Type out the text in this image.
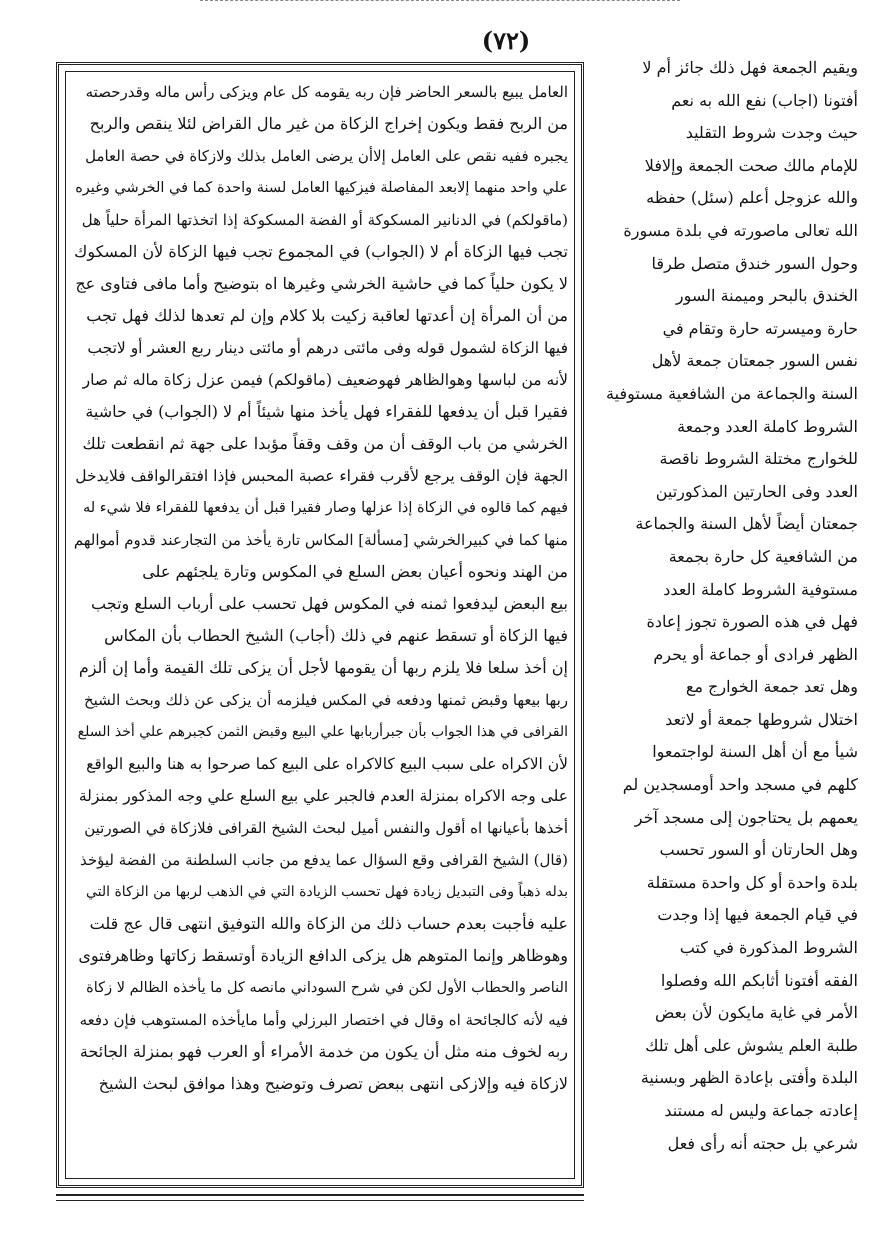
(٧٢)
العامل يبيع بالسعر الحاضر فإن ربه يقومه كل عام ويزكى رأس ماله وقدرحصته
من الربح فقط ويكون إخراج الزكاة من غير مال القراض لئلا ينقص والربح
يجبره ففيه نقص على العامل إلاأن يرضى العامل بذلك ولازكاة في حصة العامل
علي واحد منهما إلابعد المفاصلة فيزكيها العامل لسنة واحدة كما في الخرشي وغيره
(ماقولكم) في الدنانير المسكوكة أو الفضة المسكوكة إذا اتخذتها المرأة حلياً هل
تجب فيها الزكاة أم لا (الجواب) في المجموع تجب فيها الزكاة لأن المسكوك
لا يكون حلياً كما في حاشية الخرشي وغيرها اه بتوضيح وأما مافى فتاوى عج
من أن المرأة إن أعدتها لعاقبة زكيت بلا كلام وإن لم تعدها لذلك فهل تجب
فيها الزكاة لشمول قوله وفى مائتى درهم أو مائتى دينار ربع العشر أو لاتجب
لأنه من لباسها وهوالظاهر فهوضعيف (ماقولكم) فيمن عزل زكاة ماله ثم صار
فقيرا قبل أن يدفعها للفقراء فهل يأخذ منها شيئاً أم لا (الجواب) في حاشية
الخرشي من باب الوقف أن من وقف وقفاً مؤبدا على جهة ثم انقطعت تلك
الجهة فإن الوقف يرجع لأقرب فقراء عصبة المحبس فإذا افتقرالواقف فلايدخل
فيهم كما قالوه في الزكاة إذا عزلها وصار فقيرا قبل أن يدفعها للفقراء فلا شيء له
منها كما في كبيرالخرشي [مسألة] المكاس تارة يأخذ من التجارعند قدوم أموالهم
من الهند ونحوه أعيان بعض السلع في المكوس وتارة يلجئهم على
بيع البعض ليدفعوا ثمنه في المكوس فهل تحسب على أرباب السلع وتجب
فيها الزكاة أو تسقط عنهم في ذلك (أجاب) الشيخ الحطاب بأن المكاس
إن أخذ سلعا فلا يلزم ربها أن يقومها لأجل أن يزكى تلك القيمة وأما إن ألزم
ربها بيعها وقبض ثمنها ودفعه في المكس فيلزمه أن يزكى عن ذلك وبحث الشيخ
القرافى في هذا الجواب بأن جبرأربابها علي البيع وقبض الثمن كجبرهم علي أخذ السلع
لأن الاكراه على سبب البيع كالاكراه على البيع كما صرحوا به هنا والبيع الواقع
على وجه الاكراه بمنزلة العدم فالجبر علي بيع السلع علي وجه المذكور بمنزلة
أخذها بأعيانها اه أقول والنفس أميل لبحث الشيخ القرافى فلازكاة في الصورتين
(قال) الشيخ القرافى وقع السؤال عما يدفع من جانب السلطنة من الفضة ليؤخذ
بدله ذهباً وفى التبديل زيادة فهل تحسب الزيادة التي في الذهب لربها من الزكاة التي
عليه فأجبت بعدم حساب ذلك من الزكاة والله التوفيق انتهى قال عج قلت
وهوظاهر وإنما المتوهم هل يزكى الدافع الزيادة أوتسقط زكاتها وظاهرفتوى
الناصر والحطاب الأول لكن في شرح السوداني مانصه كل ما يأخذه الظالم لا زكاة
فيه لأنه كالجائحة اه وقال في اختصار البرزلي وأما مايأخذه المستوهب فإن دفعه
ربه لخوف منه مثل أن يكون من خدمة الأمراء أو العرب فهو بمنزلة الجائحة
لازكاة فيه وإلازكى انتهى ببعض تصرف وتوضيح وهذا موافق لبحث الشيخ
ويقيم الجمعة فهل ذلك جائز أم لا
أفتونا (اجاب) نفع الله به نعم
حيث وجدت شروط التقليد
للإمام مالك صحت الجمعة وإلافلا
والله عزوجل أعلم (سئل) حفظه
الله تعالى ماصورته في بلدة مسورة
وحول السور خندق متصل طرقا
الخندق بالبحر وميمنة السور
حارة وميسرته حارة وتقام في
نفس السور جمعتان جمعة لأهل
السنة والجماعة من الشافعية مستوفية
الشروط كاملة العدد وجمعة
للخوارج مختلة الشروط ناقصة
العدد وفى الحارتين المذكورتين
جمعتان أيضاً لأهل السنة والجماعة
من الشافعية كل حارة بجمعة
مستوفية الشروط كاملة العدد
فهل في هذه الصورة تجوز إعادة
الظهر فرادى أو جماعة أو يحرم
وهل تعد جمعة الخوارج مع
اختلال شروطها جمعة أو لاتعد
شيأ مع أن أهل السنة لواجتمعوا
كلهم في مسجد واحد أومسجدين لم
يعمهم بل يحتاجون إلى مسجد آخر
وهل الحارتان أو السور تحسب
بلدة واحدة أو كل واحدة مستقلة
في قيام الجمعة فيها إذا وجدت
الشروط المذكورة في كتب
الفقه أفتونا أثابكم الله وفصلوا
الأمر في غاية مايكون لأن بعض
طلبة العلم يشوش على أهل تلك
البلدة وأفتى بإعادة الظهر وبسنية
إعادته جماعة وليس له مستند
شرعي بل حجته أنه رأى فعل
